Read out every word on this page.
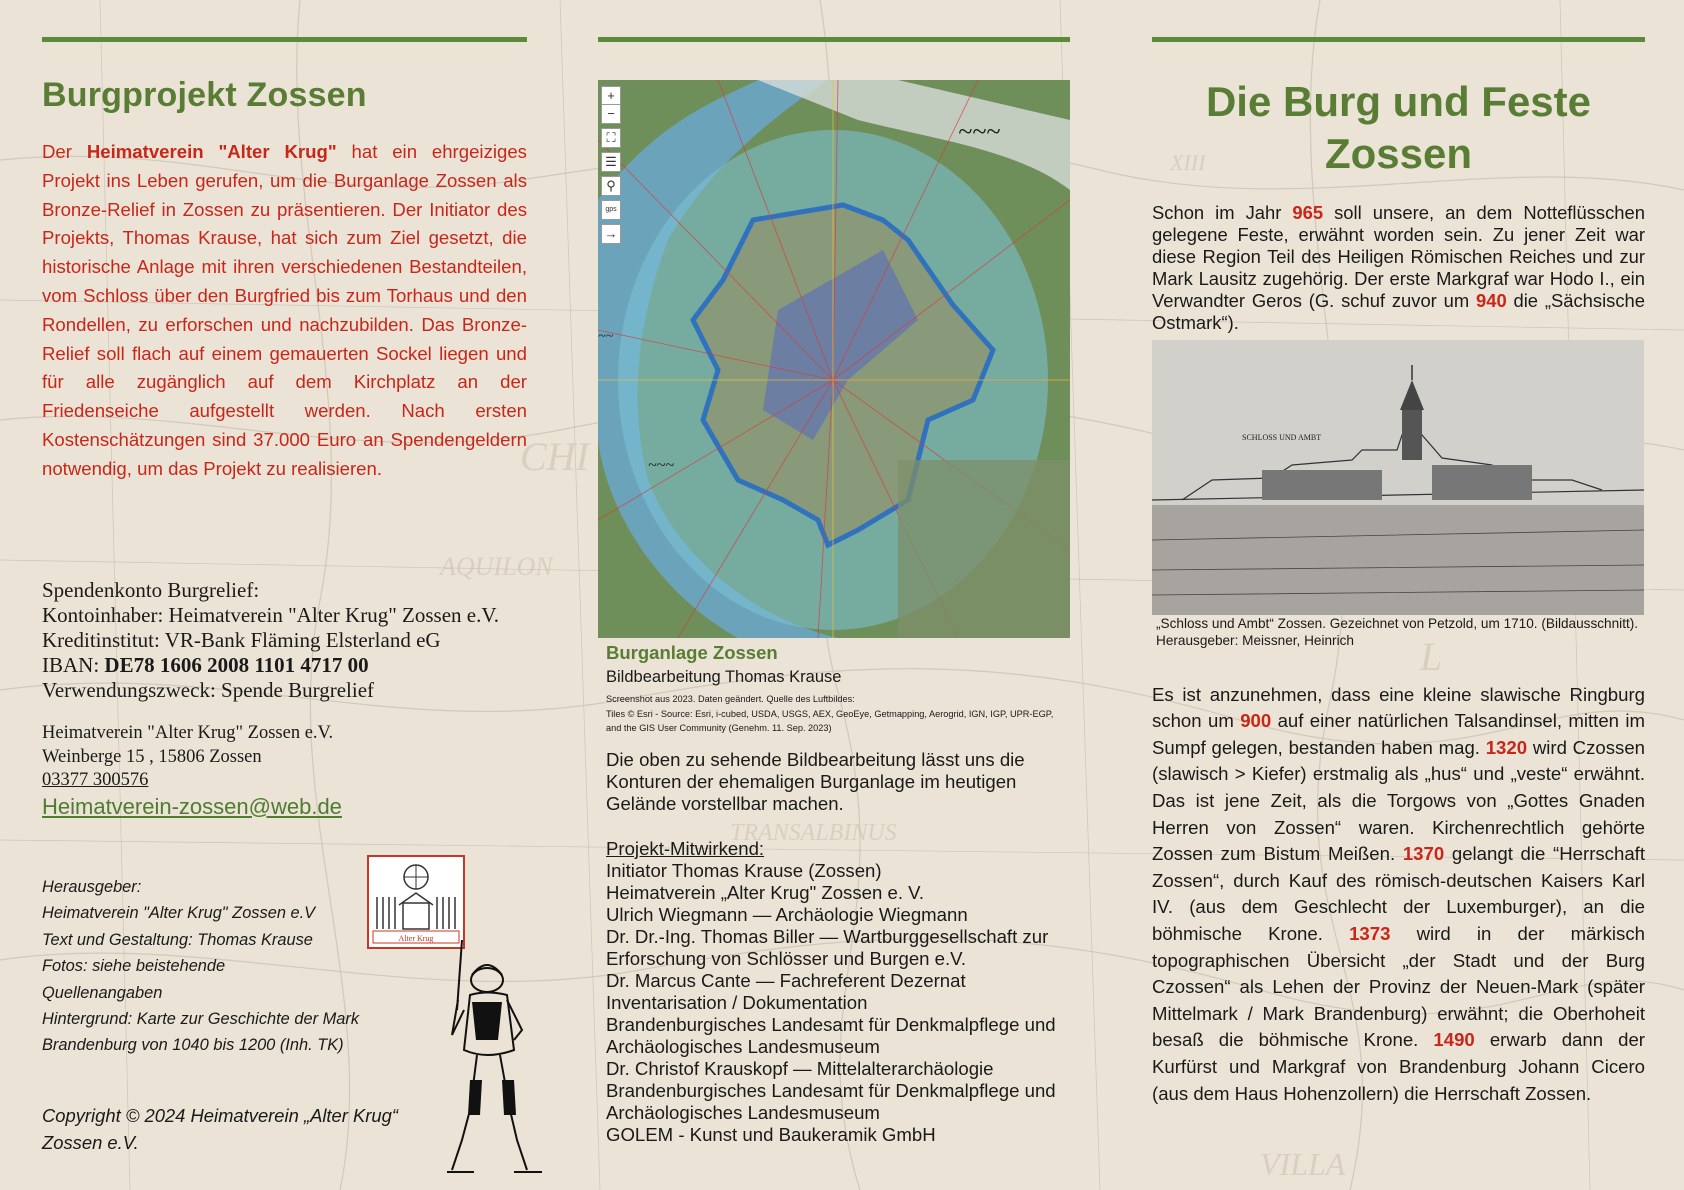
CHI
AQUILON
TRANSALBINUS
XIII
VILLA
L
Burgprojekt Zossen

Der Heimatverein "Alter Krug" hat ein ehrgeiziges Projekt ins Leben gerufen, um die Burganlage Zossen als Bronze-Relief in Zossen zu präsentieren. Der Initiator des Projekts, Thomas Krause, hat sich zum Ziel gesetzt, die historische Anlage mit ihren verschiedenen Bestandteilen, vom Schloss über den Burgfried bis zum Torhaus und den Rondellen, zu erforschen und nachzubilden. Das Bronze-Relief soll flach auf einem gemauerten Sockel liegen und für alle zugänglich auf dem Kirchplatz an der Friedenseiche aufgestellt werden. Nach ersten Kostenschätzungen sind 37.000 Euro an Spendengeldern notwendig, um das Projekt zu realisieren.

Spendenkonto Burgrelief:
Kontoinhaber: Heimatverein "Alter Krug" Zossen e.V.
Kreditinstitut: VR-Bank Fläming Elsterland eG
IBAN: DE78 1606 2008 1101 4717 00
Verwendungszweck: Spende Burgrelief
Heimatverein "Alter Krug" Zossen e.V.
Weinberge 15 , 15806 Zossen
03377 300576
Heimatverein-zossen@web.de
Herausgeber:
Heimatverein "Alter Krug" Zossen e.V
Text und Gestaltung: Thomas Krause
Fotos: siehe beistehende
Quellenangaben
Hintergrund: Karte zur Geschichte der Mark
Brandenburg von 1040 bis 1200 (Inh. TK)
Alter Krug
Copyright © 2024 Heimatverein „Alter Krug“ Zossen e.V.
~~~
~~
~~~
+
−
⛶
☰
⚲
gps
→
Burganlage Zossen
Bildbearbeitung Thomas Krause
Screenshot aus 2023. Daten geändert. Quelle des Luftbildes:
Tiles © Esri - Source: Esri, i-cubed, USDA, USGS, AEX, GeoEye, Getmapping, Aerogrid, IGN, IGP, UPR-EGP, and the GIS User Community (Genehm. 11. Sep. 2023)
Die oben zu sehende Bildbearbeitung lässt uns die Konturen der ehemaligen Burganlage im heutigen Gelände vorstellbar machen.
Projekt-Mitwirkend:
Initiator Thomas Krause (Zossen)
Heimatverein „Alter Krug" Zossen e. V.
Ulrich Wiegmann — Archäologie Wiegmann
Dr. Dr.-Ing. Thomas Biller — Wartburggesellschaft zur Erforschung von Schlösser und Burgen e.V.
Dr. Marcus Cante — Fachreferent Dezernat Inventarisation / Dokumentation
Brandenburgisches Landesamt für Denkmalpflege und Archäologisches Landesmuseum
Dr. Christof Krauskopf — Mittelalterarchäologie
Brandenburgisches Landesamt für Denkmalpflege und Archäologisches Landesmuseum
GOLEM - Kunst und Baukeramik GmbH
Die Burg und Feste Zossen

Schon im Jahr 965 soll unsere, an dem Notteflüsschen gelegene Feste, erwähnt worden sein. Zu jener Zeit war diese Region Teil des Heiligen Römischen Reiches und zur Mark Lausitz zugehörig. Der erste Markgraf war Hodo I., ein Verwandter Geros (G. schuf zuvor um 940 die „Sächsische Ostmark“).

SCHLOSS UND AMBT
„Schloss und Ambt“ Zossen. Gezeichnet von Petzold, um 1710. (Bildausschnitt). Herausgeber: Meissner, Heinrich

Es ist anzunehmen, dass eine kleine slawische Ringburg schon um 900 auf einer natürlichen Talsandinsel, mitten im Sumpf gelegen, bestanden haben mag. 1320 wird Czossen (slawisch > Kiefer) erstmalig als „hus“ und „veste“ erwähnt. Das ist jene Zeit, als die Torgows von „Gottes Gnaden Herren von Zossen“ waren. Kirchenrechtlich gehörte Zossen zum Bistum Meißen. 1370 gelangt die “Herrschaft Zossen“, durch Kauf des römisch-deutschen Kaisers Karl IV. (aus dem Geschlecht der Luxemburger), an die böhmische Krone. 1373 wird in der märkisch topographischen Übersicht „der Stadt und der Burg Czossen“ als Lehen der Provinz der Neuen-Mark (später Mittelmark / Mark Brandenburg) erwähnt; die Oberhoheit besaß die böhmische Krone. 1490 erwarb dann der Kurfürst und Markgraf von Brandenburg Johann Cicero (aus dem Haus Hohenzollern) die Herrschaft Zossen.
